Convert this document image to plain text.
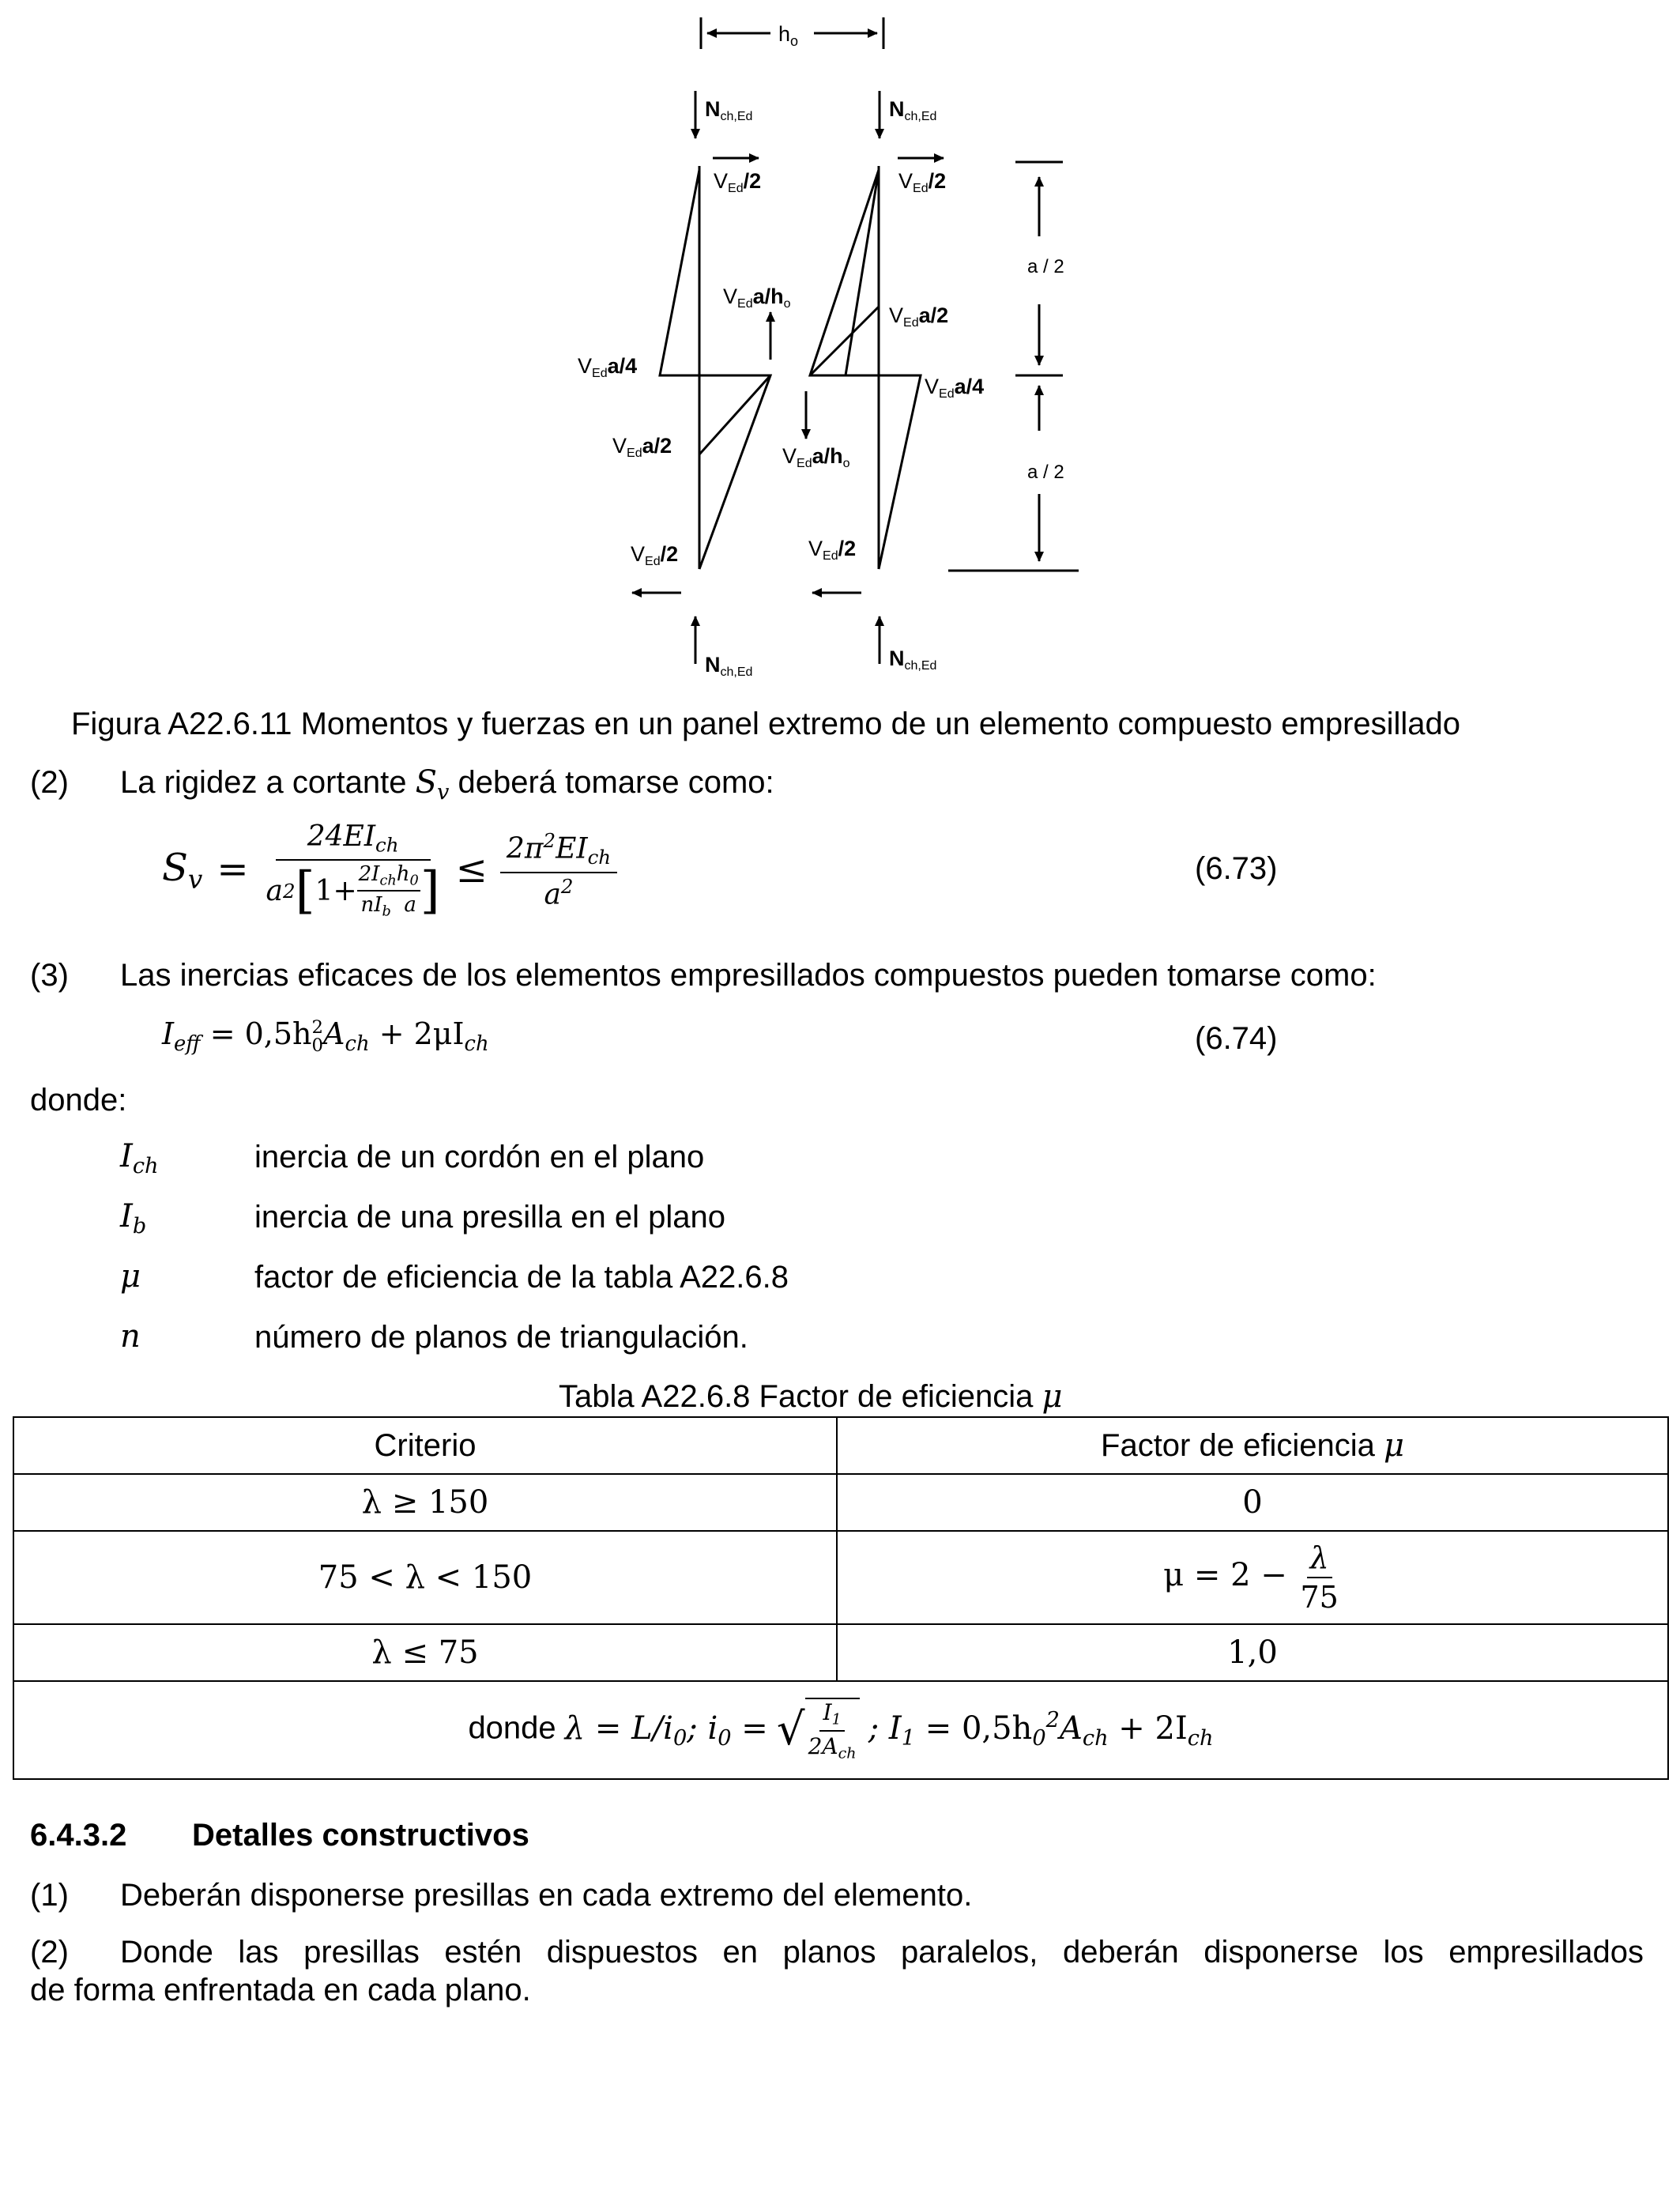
$h_o$
Nch,Ed	Nch,Ed
VEd/2	VEd/2
VEda/ho	VEda/2
VEda/4
VEda/4
VEda/2	VEda/ho
VEd/2	VEd/2
Nch,Ed
Nch,Ed
a / 2
a / 2
Figura A22.6.11 Momentos y fuerzas en un panel extremo de un elemento compuesto empresillado
(2) La rigidez a cortante $S_v$ deberá tomarse como:
$S_v$ =
$24EI_{ch}$
a 2 [ $1+ \frac{2I_{ch}h_0}{nI_b a}$ ] ≤ $\frac{2\pi^2EI_{ch}}{a^2}$	(6.73)
(3) Las inercias eficaces de los elementos empresillados compuestos pueden tomarse como:
$I_{eff} = 0,5h$ 2
0 $A_{ch} + 2\mu I_{ch}$	(6.74)
donde:
$I_{ch}$	inercia de un cordón en el plano
$I_b$	inercia de una presilla en el plano
μ	factor de eficiencia de la tabla A22.6.8
n	número de planos de triangulación.
Tabla A22.6.8 Factor de eficiencia μ
Criterio	Factor de eficiencia μ
λ ≥ 150	0
75 < λ < 150	$\mu = 2 - \frac{\lambda}{75}$

λ ≤ 75	1,0
donde $\lambda = L/i_0$; $i_0$ = √ $\frac{I_1}{2A_{ch}}$ ; $I_1 = 0,5h_0^2A_{ch} + 2I_{ch}$
6.4.3.2 Detalles constructivos
(1) Deberán disponerse presillas en cada extremo del elemento.
(2) Donde las presillas estén dispuestos en planos paralelos, deberán disponerse los empresillados
de forma enfrentada en cada plano.
